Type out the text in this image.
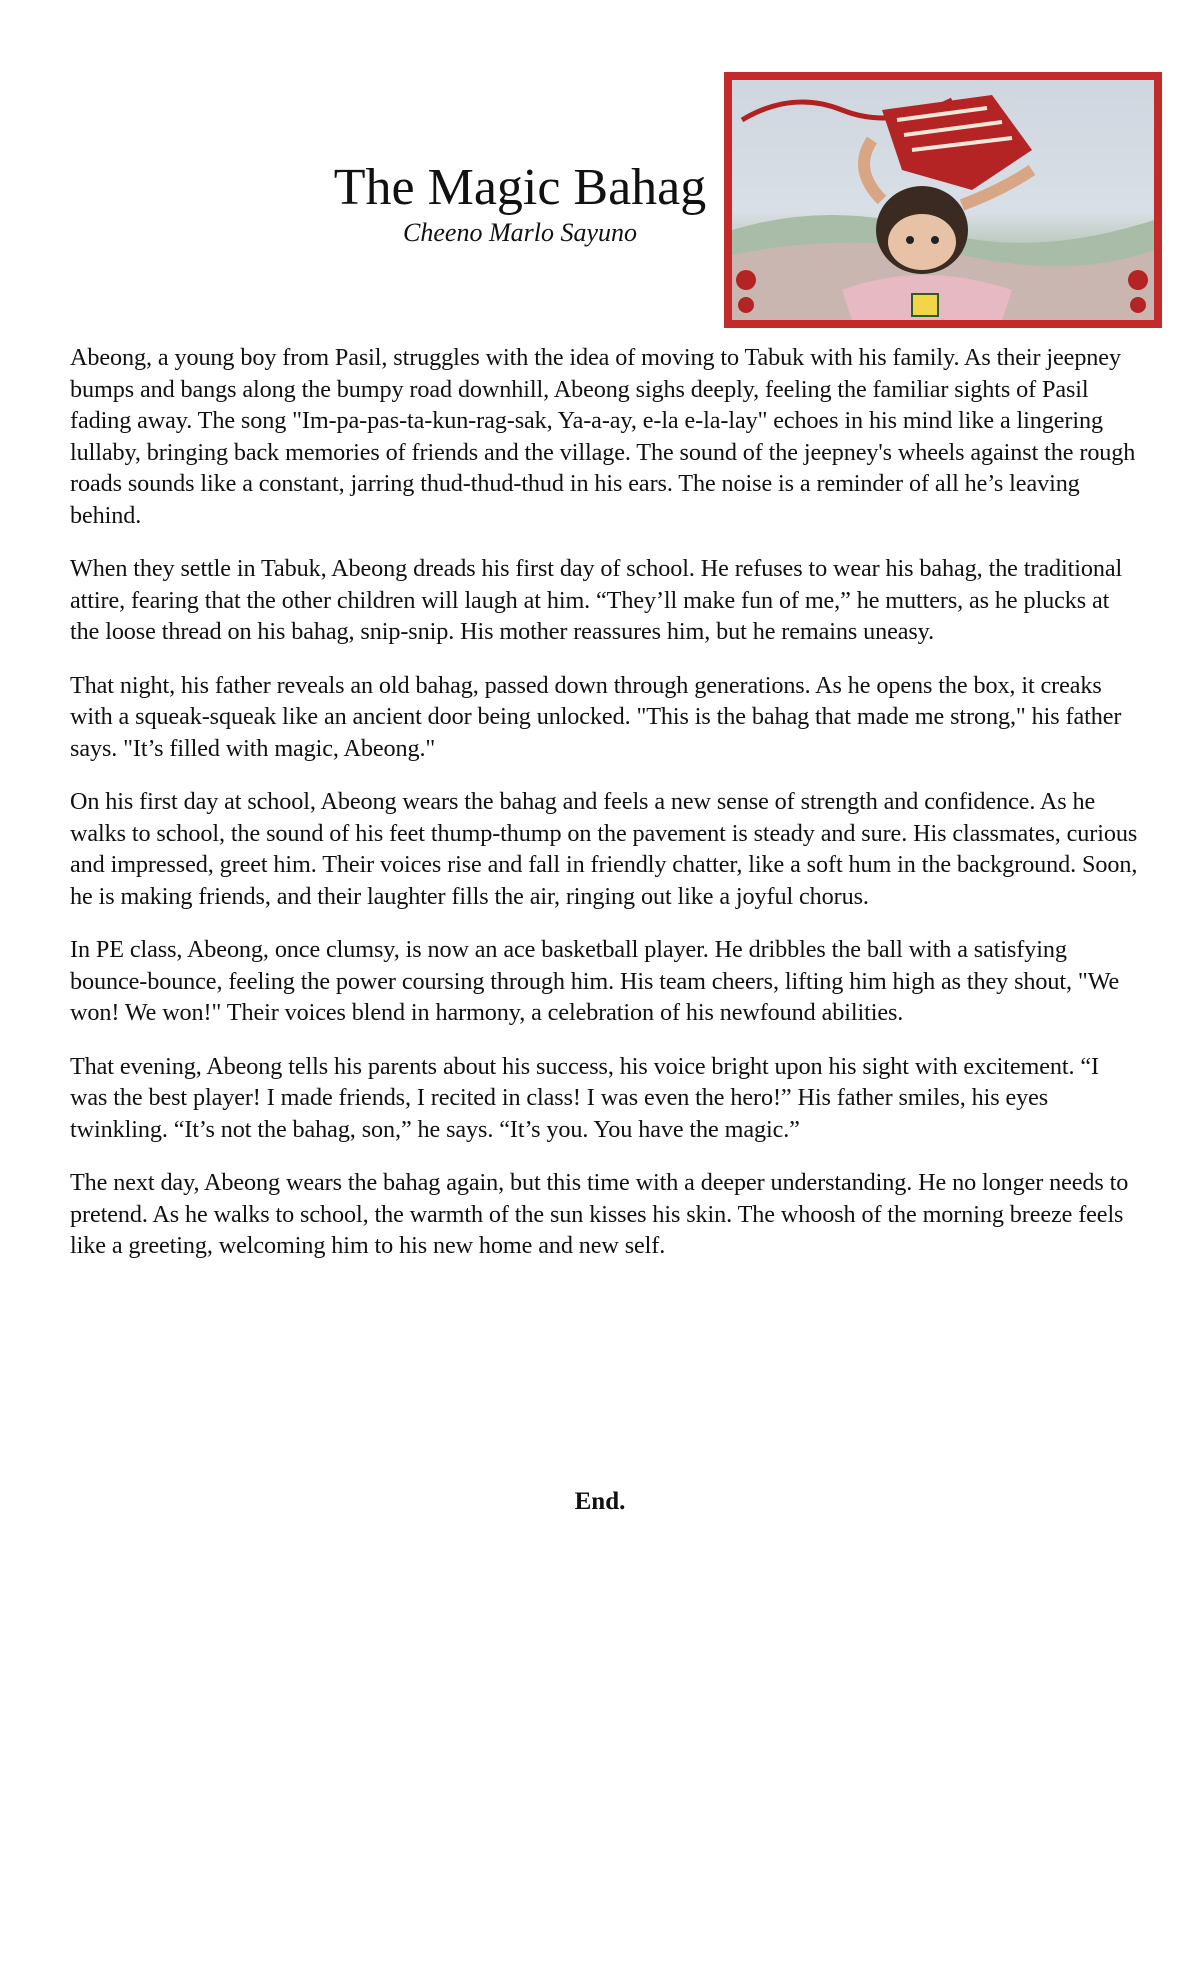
The Magic Bahag

Cheeno Marlo Sayuno

Abeong, a young boy from Pasil, struggles with the idea of moving to Tabuk with his family. As their jeepney bumps and bangs along the bumpy road downhill, Abeong sighs deeply, feeling the familiar sights of Pasil fading away. The song "Im-pa-pas-ta-kun-rag-sak, Ya-a-ay, e-la e-la-lay" echoes in his mind like a lingering lullaby, bringing back memories of friends and the village. The sound of the jeepney's wheels against the rough roads sounds like a constant, jarring thud-thud-thud in his ears. The noise is a reminder of all he’s leaving behind.

When they settle in Tabuk, Abeong dreads his first day of school. He refuses to wear his bahag, the traditional attire, fearing that the other children will laugh at him. “They’ll make fun of me,” he mutters, as he plucks at the loose thread on his bahag, snip-snip. His mother reassures him, but he remains uneasy.

That night, his father reveals an old bahag, passed down through generations. As he opens the box, it creaks with a squeak-squeak like an ancient door being unlocked. "This is the bahag that made me strong," his father says. "It’s filled with magic, Abeong."

On his first day at school, Abeong wears the bahag and feels a new sense of strength and confidence. As he walks to school, the sound of his feet thump-thump on the pavement is steady and sure. His classmates, curious and impressed, greet him. Their voices rise and fall in friendly chatter, like a soft hum in the background. Soon, he is making friends, and their laughter fills the air, ringing out like a joyful chorus.

In PE class, Abeong, once clumsy, is now an ace basketball player. He dribbles the ball with a satisfying bounce-bounce, feeling the power coursing through him. His team cheers, lifting him high as they shout, "We won! We won!" Their voices blend in harmony, a celebration of his newfound abilities.

That evening, Abeong tells his parents about his success, his voice bright upon his sight with excitement. “I was the best player! I made friends, I recited in class! I was even the hero!” His father smiles, his eyes twinkling. “It’s not the bahag, son,” he says. “It’s you. You have the magic.”

The next day, Abeong wears the bahag again, but this time with a deeper understanding. He no longer needs to pretend. As he walks to school, the warmth of the sun kisses his skin. The whoosh of the morning breeze feels like a greeting, welcoming him to his new home and new self.

End.
